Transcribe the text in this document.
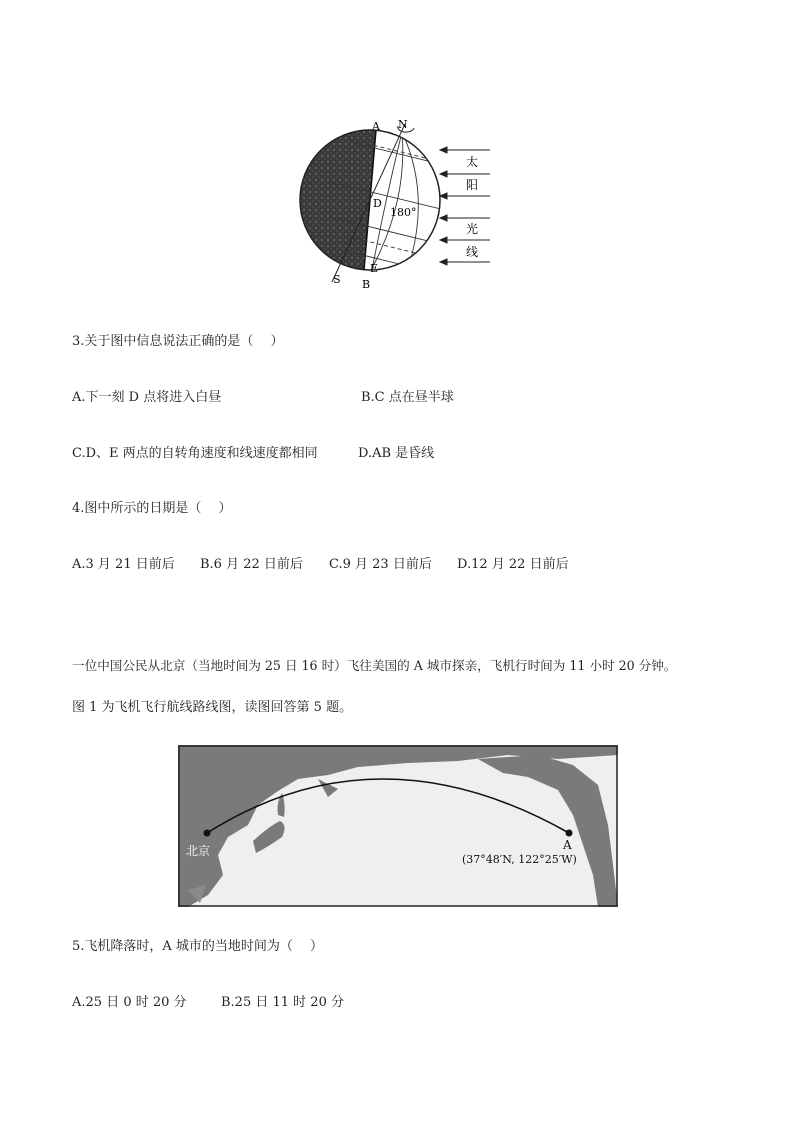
A N
D
180°
E
S B
太
阳
光
线
3.关于图中信息说法正确的是（　 ）
A.下一刻 D 点将进入白昼	B.C 点在昼半球
C.D、E 两点的自转角速度和线速度都相同	D.AB 是昏线
4.图中所示的日期是（　 ）
A.3 月 21 日前后 B.6 月 22 日前后 C.9 月 23 日前后 D.12 月 22 日前后
一位中国公民从北京（当地时间为 25 日 16 时）飞往美国的 A 城市探亲，飞机行时间为 11 小时 20 分钟。
图 1 为飞机飞行航线路线图，读图回答第 5 题。
北京	A
(37°48′N, 122°25′W)
5.飞机降落时，A 城市的当地时间为（　 ）
A.25 日 0 时 20 分	B.25 日 11 时 20 分
